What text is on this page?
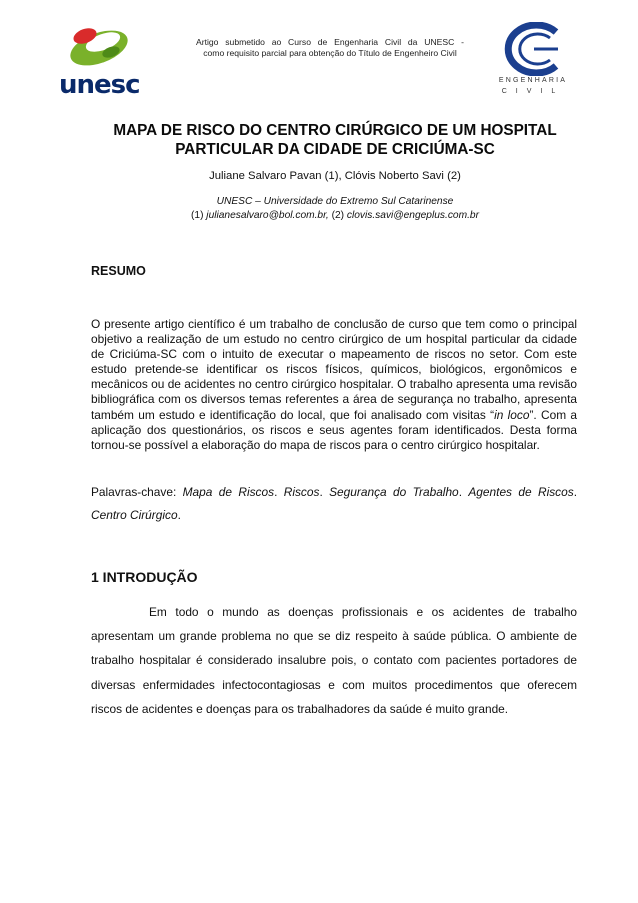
unesc
Artigo submetido ao Curso de Engenharia Civil da UNESC -
como requisito parcial para obtenção do Título de Engenheiro Civil
ENGENHARIA
CIVIL
MAPA DE RISCO DO CENTRO CIRÚRGICO DE UM HOSPITAL
PARTICULAR DA CIDADE DE CRICIÚMA-SC
Juliane Salvaro Pavan (1), Clóvis Noberto Savi (2)
UNESC – Universidade do Extremo Sul Catarinense
(1) julianesalvaro@bol.com.br, (2) clovis.savi@engeplus.com.br
RESUMO

O presente artigo científico é um trabalho de conclusão de curso que tem como o principal objetivo a realização de um estudo no centro cirúrgico de um hospital particular da cidade de Criciúma-SC com o intuito de executar o mapeamento de riscos no setor. Com este estudo pretende-se identificar os riscos físicos, químicos, biológicos, ergonômicos e mecânicos ou de acidentes no centro cirúrgico hospitalar. O trabalho apresenta uma revisão bibliográfica com os diversos temas referentes a área de segurança no trabalho, apresenta também um estudo e identificação do local, que foi analisado com visitas “in loco”. Com a aplicação dos questionários, os riscos e seus agentes foram identificados. Desta forma tornou-se possível a elaboração do mapa de riscos para o centro cirúrgico hospitalar.

Palavras-chave: Mapa de Riscos. Riscos. Segurança do Trabalho. Agentes de Riscos. Centro Cirúrgico.

1 INTRODUÇÃO

Em todo o mundo as doenças profissionais e os acidentes de trabalho apresentam um grande problema no que se diz respeito à saúde pública. O ambiente de trabalho hospitalar é considerado insalubre pois, o contato com pacientes portadores de diversas enfermidades infectocontagiosas e com muitos procedimentos que oferecem riscos de acidentes e doenças para os trabalhadores da saúde é muito grande.
